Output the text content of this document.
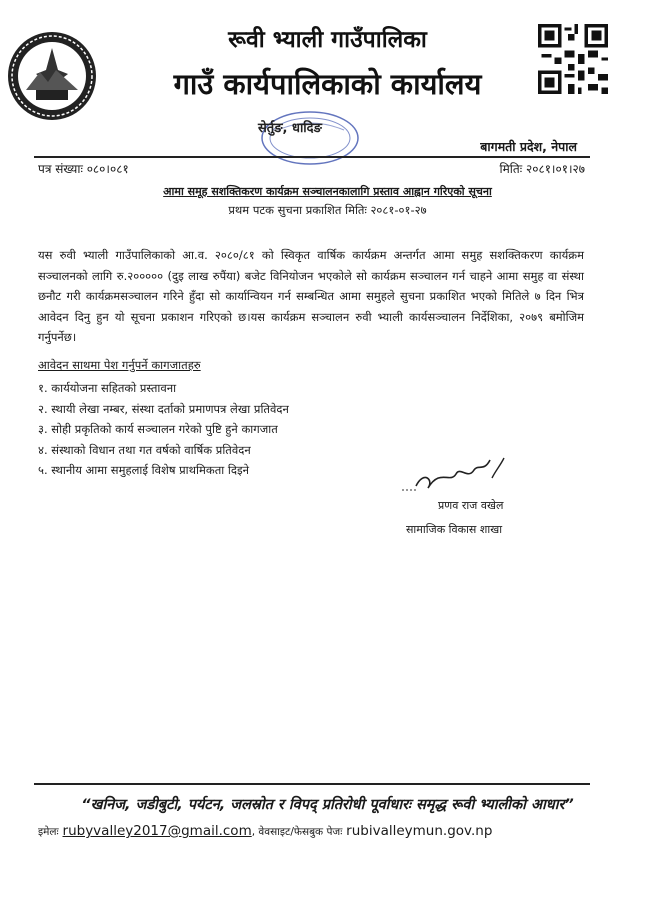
रूवी भ्याली गाउँपालिका
गाउँ कार्यपालिकाको कार्यालय
सेर्तुङ, धादिङ
बागमती प्रदेश, नेपाल
पत्र संख्याः ०८०।०८१	मितिः २०८१।०१।२७
आमा समूह सशक्तिकरण कार्यक्रम सञ्चालनकालागि प्रस्ताव आह्वान गरिएको सूचना
प्रथम पटक सुचना प्रकाशित मितिः २०८१-०१-२७
यस रुवी भ्याली गाउँपालिकाको आ.व. २०८०/८१ को स्विकृत वार्षिक कार्यक्रम अन्तर्गत आमा समुह सशक्तिकरण कार्यक्रम सञ्चालनको लागि रु.२००००० (दुइ लाख रुपैंया) बजेट विनियोजन भएकोले सो कार्यक्रम सञ्चालन गर्न चाहने आमा समुह वा संस्था छनौट गरी कार्यक्रमसञ्चालन गरिने हुँदा सो कार्यान्वियन गर्न सम्बन्धित आमा समुहले सुचना प्रकाशित भएको मितिले ७ दिन भित्र आवेदन दिनु हुन यो सूचना प्रकाशन गरिएको छ।यस कार्यक्रम सञ्चालन रुवी भ्याली कार्यसञ्चालन निर्देशिका, २०७९ बमोजिम गर्नुपर्नेछ।
आवेदन साथमा पेश गर्नुपर्ने कागजातहरु
१. कार्ययोजना सहितको प्रस्तावना
२. स्थायी लेखा नम्बर, संस्था दर्ताको प्रमाणपत्र लेखा प्रतिवेदन
३. सोही प्रकृतिको कार्य सञ्चालन गरेको पुष्टि हुने कागजात
४. संस्थाको विधान तथा गत वर्षको वार्षिक प्रतिवेदन
५. स्थानीय आमा समुहलाई विशेष प्राथमिकता दिइने
प्रणव राज वखेल
सामाजिक विकास शाखा
“खनिज, जडीबुटी, पर्यटन, जलस्रोत र विपद् प्रतिरोधी पूर्वाधारः समृद्ध रूवी भ्यालीको आधार”
इमेलः rubyvalley2017@gmail.com, वेवसाइट/फेसबुक पेजः rubivalleymun.gov.np
